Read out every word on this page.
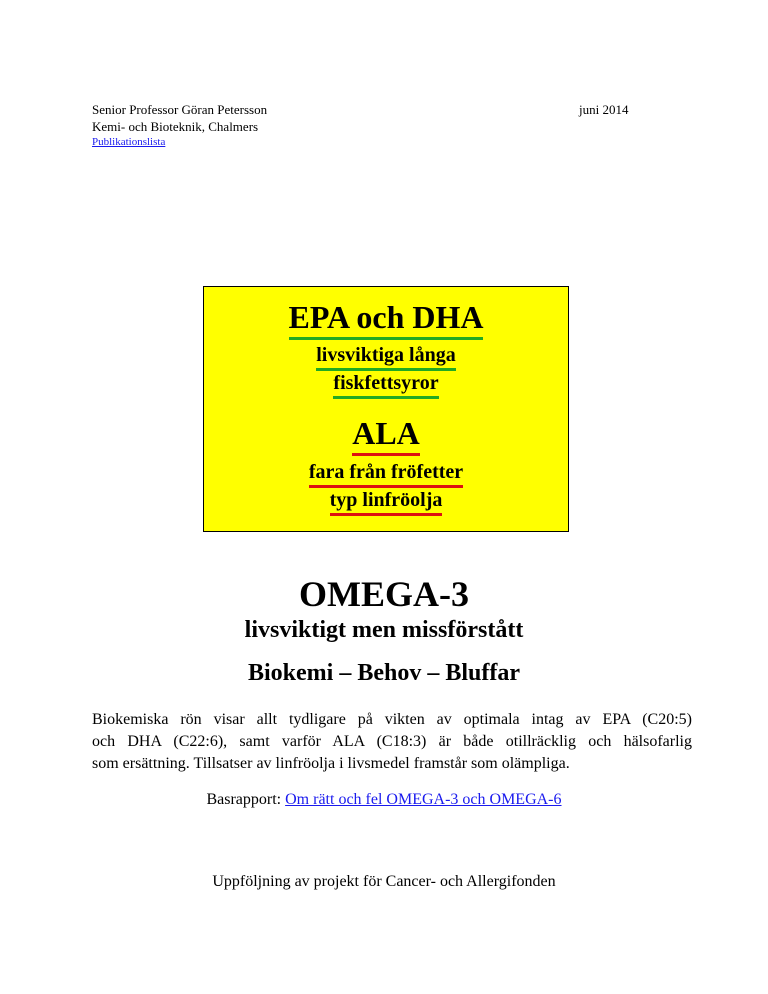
Senior Professor Göran Petersson
Kemi- och Bioteknik, Chalmers
Publikationslista
juni 2014
EPA och DHA
livsviktiga långa
fiskfettsyror
ALA
fara från fröfetter
typ linfröolja
OMEGA-3
livsviktigt men missförstått
Biokemi – Behov – Bluffar
Biokemiska rön visar allt tydligare på vikten av optimala intag av EPA (C20:5)
och DHA (C22:6), samt varför ALA (C18:3) är både otillräcklig och hälsofarlig
som ersättning. Tillsatser av linfröolja i livsmedel framstår som olämpliga.
Basrapport: Om rätt och fel OMEGA-3 och OMEGA-6
Uppföljning av projekt för Cancer- och Allergifonden
